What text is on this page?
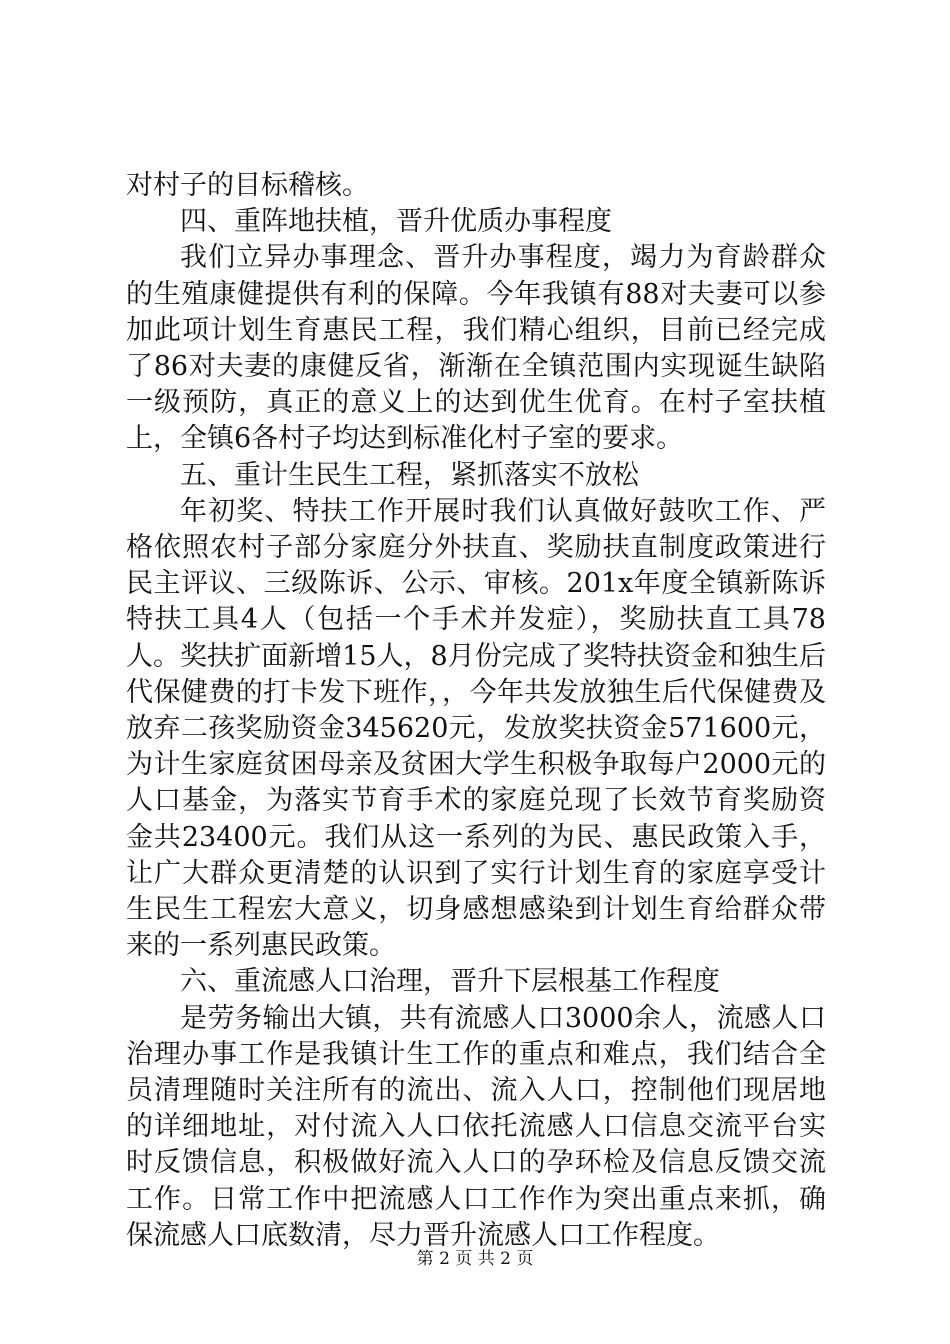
对村子的目标稽核。

四、重阵地扶植，晋升优质办事程度

我们立异办事理念、晋升办事程度，竭力为育龄群众的生殖康健提供有利的保障。今年我镇有88对夫妻可以参加此项计划生育惠民工程，我们精心组织，目前已经完成了86对夫妻的康健反省，渐渐在全镇范围内实现诞生缺陷一级预防，真正的意义上的达到优生优育。在村子室扶植上，全镇6各村子均达到标准化村子室的要求。

五、重计生民生工程，紧抓落实不放松

年初奖、特扶工作开展时我们认真做好鼓吹工作、严格依照农村子部分家庭分外扶直、奖励扶直制度政策进行民主评议、三级陈诉、公示、审核。201x年度全镇新陈诉特扶工具4人（包括一个手术并发症），奖励扶直工具78人。奖扶扩面新增15人，8月份完成了奖特扶资金和独生后代保健费的打卡发下班作，，今年共发放独生后代保健费及放弃二孩奖励资金345620元，发放奖扶资金571600元，为计生家庭贫困母亲及贫困大学生积极争取每户2000元的人口基金，为落实节育手术的家庭兑现了长效节育奖励资金共23400元。我们从这一系列的为民、惠民政策入手，让广大群众更清楚的认识到了实行计划生育的家庭享受计生民生工程宏大意义，切身感想感染到计划生育给群众带来的一系列惠民政策。

六、重流感人口治理，晋升下层根基工作程度

是劳务输出大镇，共有流感人口3000余人，流感人口治理办事工作是我镇计生工作的重点和难点，我们结合全员清理随时关注所有的流出、流入人口，控制他们现居地的详细地址，对付流入人口依托流感人口信息交流平台实时反馈信息，积极做好流入人口的孕环检及信息反馈交流工作。日常工作中把流感人口工作作为突出重点来抓，确保流感人口底数清，尽力晋升流感人口工作程度。

第 2 页 共 2 页
